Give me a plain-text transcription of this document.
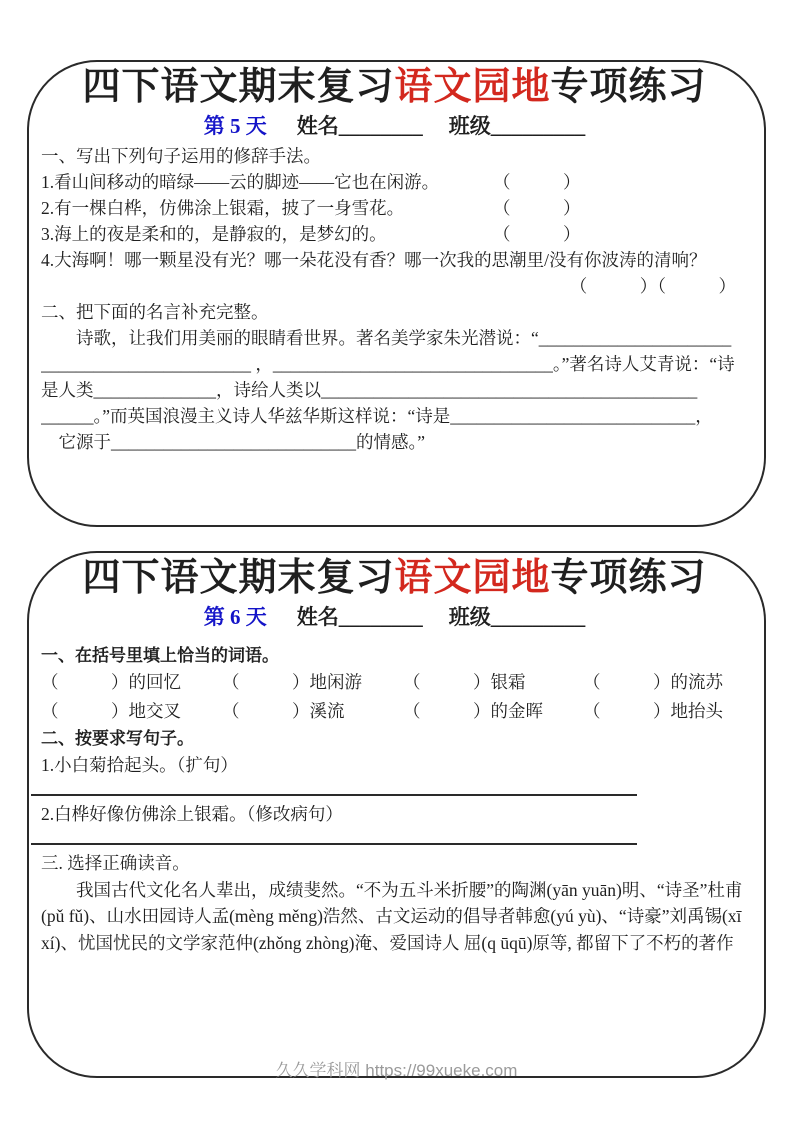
四下语文期末复习语文园地专项练习
第 5 天 姓名________ 班级_________
一、写出下列句子运用的修辞手法。
1.看山间移动的暗绿——云的脚迹——它也在闲游。	（　　　）
2.有一棵白桦，仿佛涂上银霜，披了一身雪花。	（　　　）
3.海上的夜是柔和的，是静寂的，是梦幻的。	（　　　）
4.大海啊！哪一颗星没有光？哪一朵花没有香？哪一次我的思潮里/没有你波涛的清响？
（　　　）（　　　）
二、把下面的名言补充完整。
　　诗歌，让我们用美丽的眼睛看世界。著名美学家朱光潜说：“______________________
________________________ ，________________________________。”著名诗人艾青说：“诗
是人类______________，诗给人类以___________________________________________
______。”而英国浪漫主义诗人华兹华斯这样说：“诗是____________________________，
　它源于____________________________的情感。”
四下语文期末复习语文园地专项练习
第 6 天 姓名________ 班级_________
一、在括号里填上恰当的词语。
（　　　）的回忆	（　　　）地闲游	（　　　）银霜	（　　　）的流苏
（　　　）地交叉	（　　　）溪流	（　　　）的金晖	（　　　）地抬头
二、按要求写句子。
1.小白菊拾起头。（扩句）
2.白桦好像仿佛涂上银霜。（修改病句）
三. 选择正确读音。
我国古代文化名人辈出，成绩斐然。“不为五斗米折腰”的陶渊(yān yuān)明、“诗圣”杜甫(pǔ fǔ)、山水田园诗人孟(mèng měng)浩然、古文运动的倡导者韩愈(yú yù)、“诗豪”刘禹锡(xī xí)、忧国忧民的文学家范仲(zhǒng zhòng)淹、爱国诗人 屈(q ūqū)原等, 都留下了不朽的著作
久久学科网 https://99xueke.com
